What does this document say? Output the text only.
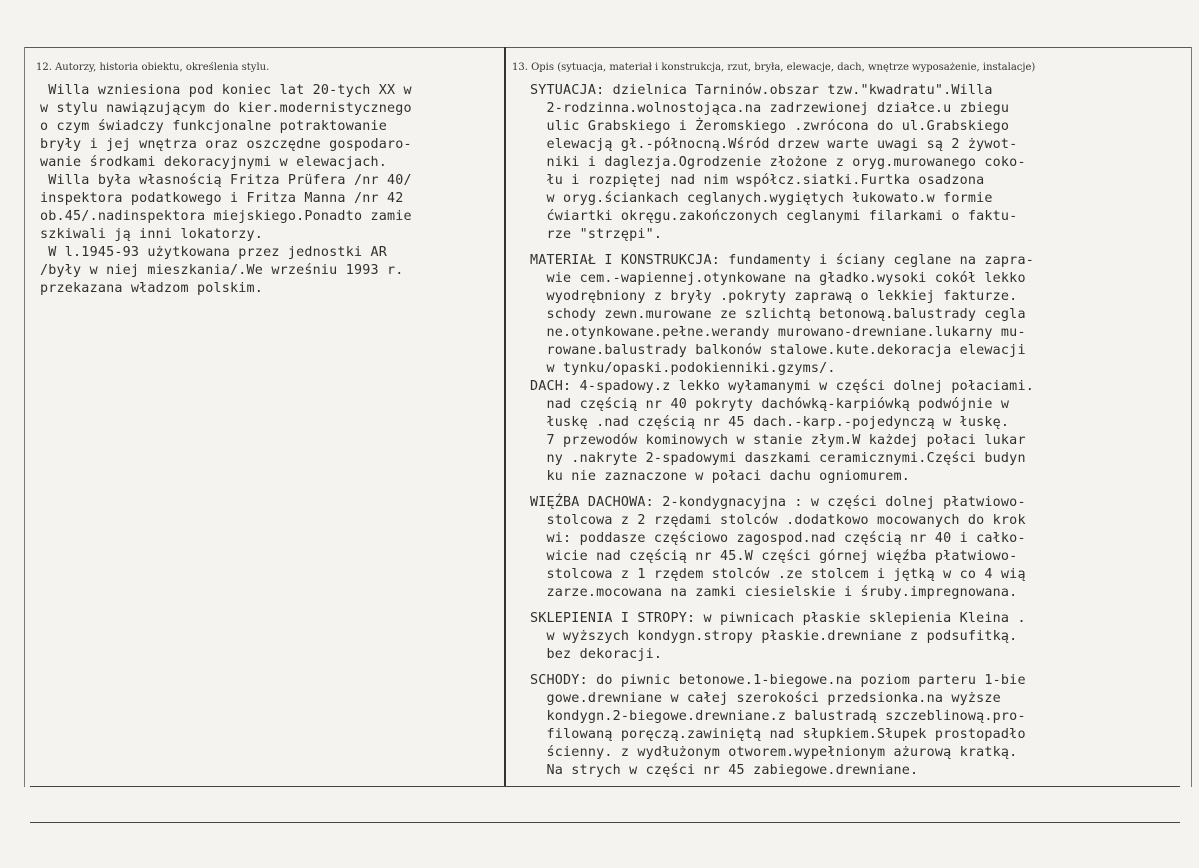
12. Autorzy, historia obiektu, określenia stylu.
Willa wzniesiona pod koniec lat 20-tych XX w
w stylu nawiązującym do kier.modernistycznego
o czym świadczy funkcjonalne potraktowanie
bryły i jej wnętrza oraz oszczędne gospodaro-
wanie środkami dekoracyjnymi w elewacjach.
Willa była własnością Fritza Prüfera /nr 40/
inspektora podatkowego i Fritza Manna /nr 42
ob.45/.nadinspektora miejskiego.Ponadto zamie
szkiwali ją inni lokatorzy.
W l.1945-93 użytkowana przez jednostki AR
/były w niej mieszkania/.We wrześniu 1993 r.
przekazana władzom polskim.
13. Opis (sytuacja, materiał i konstrukcja, rzut, bryła, elewacje, dach, wnętrze wyposażenie, instalacje)
SYTUACJA: dzielnica Tarninów.obszar tzw."kwadratu".Willa
2-rodzinna.wolnostojąca.na zadrzewionej działce.u zbiegu
ulic Grabskiego i Żeromskiego .zwrócona do ul.Grabskiego
elewacją gł.-północną.Wśród drzew warte uwagi są 2 żywot-
niki i daglezja.Ogrodzenie złożone z oryg.murowanego coko-
łu i rozpiętej nad nim współcz.siatki.Furtka osadzona
w oryg.ściankach ceglanych.wygiętych łukowato.w formie
ćwiartki okręgu.zakończonych ceglanymi filarkami o faktu-
rze "strzępi".
MATERIAŁ I KONSTRUKCJA: fundamenty i ściany ceglane na zapra-
wie cem.-wapiennej.otynkowane na gładko.wysoki cokół lekko
wyodrębniony z bryły .pokryty zaprawą o lekkiej fakturze.
schody zewn.murowane ze szlichtą betonową.balustrady cegla
ne.otynkowane.pełne.werandy murowano-drewniane.lukarny mu-
rowane.balustrady balkonów stalowe.kute.dekoracja elewacji
w tynku/opaski.podokienniki.gzyms/.
DACH: 4-spadowy.z lekko wyłamanymi w części dolnej połaciami.
nad częścią nr 40 pokryty dachówką-karpiówką podwójnie w
łuskę .nad częścią nr 45 dach.-karp.-pojedynczą w łuskę.
7 przewodów kominowych w stanie złym.W każdej połaci lukar
ny .nakryte 2-spadowymi daszkami ceramicznymi.Części budyn
ku nie zaznaczone w połaci dachu ogniomurem.
WIĘŹBA DACHOWA: 2-kondygnacyjna : w części dolnej płatwiowo-
stolcowa z 2 rzędami stolców .dodatkowo mocowanych do krok
wi: poddasze częściowo zagospod.nad częścią nr 40 i całko-
wicie nad częścią nr 45.W części górnej więźba płatwiowo-
stolcowa z 1 rzędem stolców .ze stolcem i jętką w co 4 wią
zarze.mocowana na zamki ciesielskie i śruby.impregnowana.
SKLEPIENIA I STROPY: w piwnicach płaskie sklepienia Kleina .
w wyższych kondygn.stropy płaskie.drewniane z podsufitką.
bez dekoracji.
SCHODY: do piwnic betonowe.1-biegowe.na poziom parteru 1-bie
gowe.drewniane w całej szerokości przedsionka.na wyższe
kondygn.2-biegowe.drewniane.z balustradą szczeblinową.pro-
filowaną poręczą.zawiniętą nad słupkiem.Słupek prostopadło
ścienny. z wydłużonym otworem.wypełnionym ażurową kratką.
Na strych w części nr 45 zabiegowe.drewniane.
